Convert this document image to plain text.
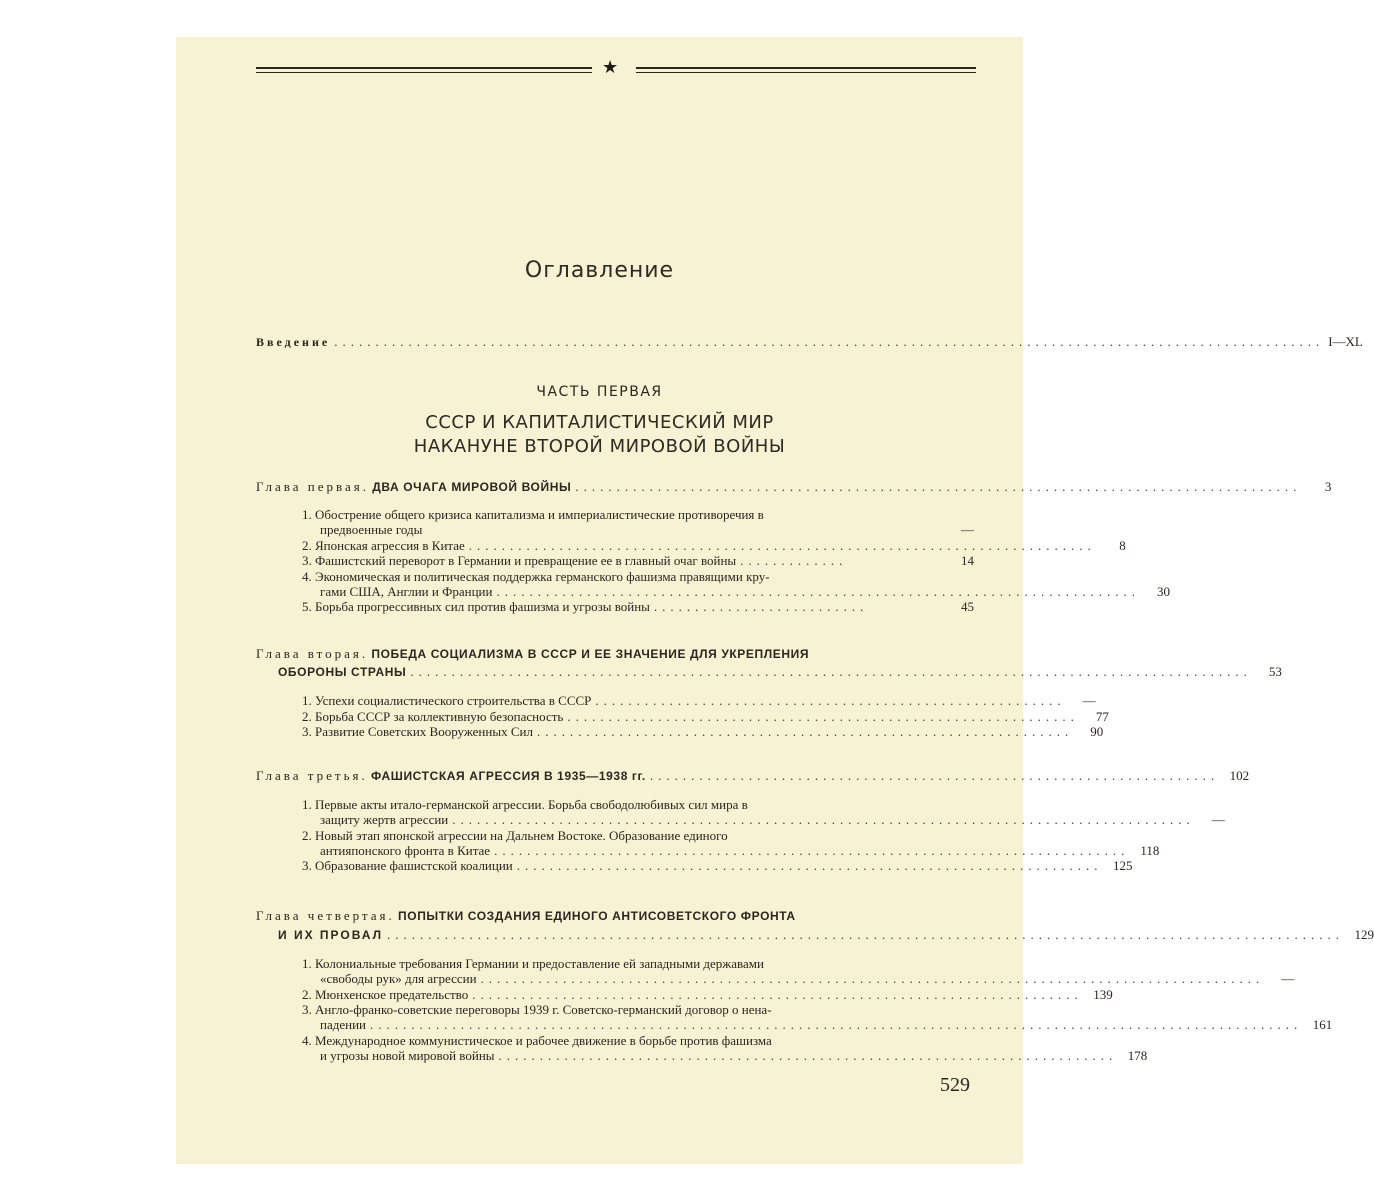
★
Оглавление
Введение ........................................................................................................................ I—XL
ЧАСТЬ ПЕРВАЯ
СССР И КАПИТАЛИСТИЧЕСКИЙ МИР
НАКАНУНЕ ВТОРОЙ МИРОВОЙ ВОЙНЫ
Глава первая. ДВА ОЧАГА МИРОВОЙ ВОЙНЫ ........................................................................................	3
1. Обострение общего кризиса капитализма и империалистические противоречия в
предвоенные годы	—
2. Японская агрессия в Китае ............................................................................	8
3. Фашистский переворот в Германии и превращение ее в главный очаг войны .............	14
4. Экономическая и политическая поддержка германского фашизма правящими кру-
гами США, Англии и Франции ..............................................................................	30
5. Борьба прогрессивных сил против фашизма и угрозы войны ..........................	45
Глава вторая. ПОБЕДА СОЦИАЛИЗМА В СССР И ЕЕ ЗНАЧЕНИЕ ДЛЯ УКРЕПЛЕНИЯ
ОБОРОНЫ СТРАНЫ ......................................................................................................	53
1. Успехи социалистического строительства в СССР .........................................................	—
2. Борьба СССР за коллективную безопасность ..............................................................	77
3. Развитие Советских Вооруженных Сил .................................................................	90
Глава третья. ФАШИСТСКАЯ АГРЕССИЯ В 1935—1938 гг. ..................................................................... 102
1. Первые акты итало-германской агрессии. Борьба свободолюбивых сил мира в
защиту жертв агрессии ..........................................................................................	—
2. Новый этап японской агрессии на Дальнем Востоке. Образование единого
антияпонского фронта в Китае ............................................................................. 118
3. Образование фашистской коалиции ....................................................................... 125
Глава четвертая. ПОПЫТКИ СОЗДАНИЯ ЕДИНОГО АНТИСОВЕТСКОГО ФРОНТА
И ИХ ПРОВАЛ .................................................................................................................... 129
1. Колониальные требования Германии и предоставление ей западными державами
«свободы рук» для агрессии ...............................................................................................	—
2. Мюнхенское предательство .......................................................................... 139
3. Англо-франко-советские переговоры 1939 г. Советско-германский договор о нена-
падении ................................................................................................................. 161
4. Международное коммунистическое и рабочее движение в борьбе против фашизма
и угрозы новой мировой войны ........................................................................... 178
529
